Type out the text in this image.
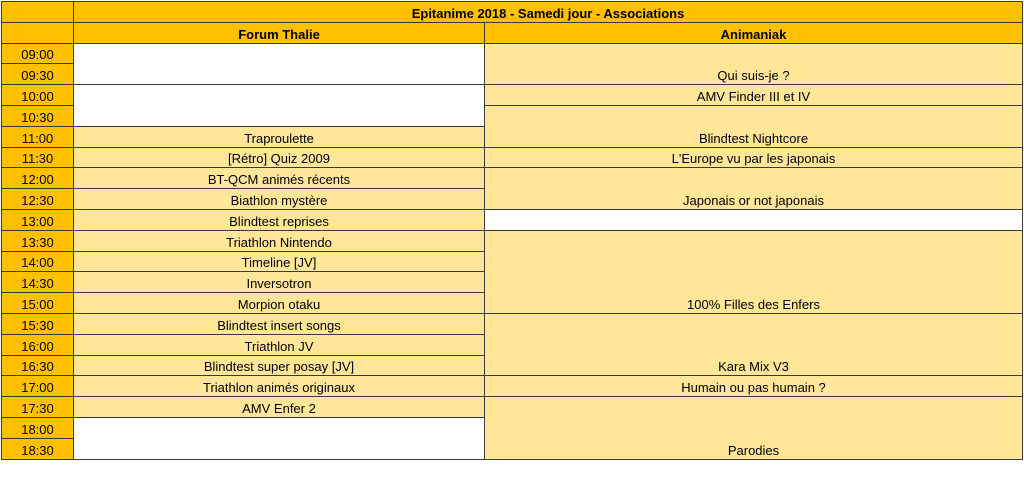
	Epitanime 2018 - Samedi jour - Associations	
	Forum Thalie	Animaniak
09:00		Qui suis-je ?
09:30		
10:00		AMV Finder III et IV
10:30		Blindtest Nightcore
11:00	Traproulette	
11:30	[Rétro] Quiz 2009	L'Europe vu par les japonais
12:00	BT-QCM animés récents	Japonais or not japonais
12:30	Biathlon mystère	
13:00	Blindtest reprises	
13:30	Triathlon Nintendo	100% Filles des Enfers
14:00	Timeline [JV]	
14:30	Inversotron	
15:00	Morpion otaku	
15:30	Blindtest insert songs	Kara Mix V3
16:00	Triathlon JV	
16:30	Blindtest super posay [JV]	
17:00	Triathlon animés originaux	Humain ou pas humain ?
17:30	AMV Enfer 2	Parodies
18:00		
18:30		
